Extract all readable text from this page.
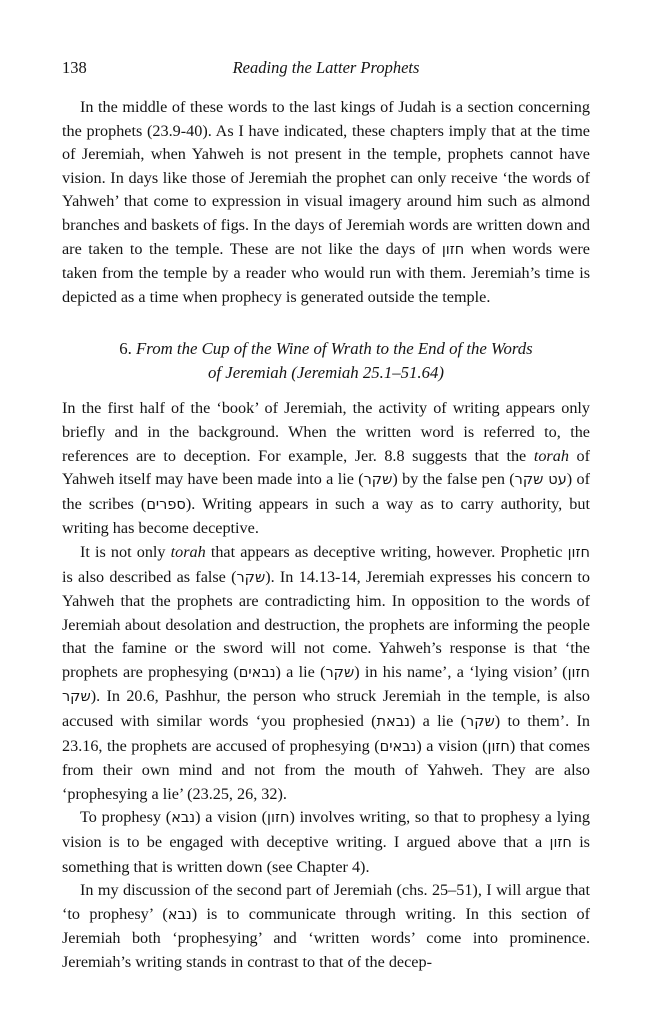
138	Reading the Latter Prophets

In the middle of these words to the last kings of Judah is a section concerning the prophets (23.9-40). As I have indicated, these chapters imply that at the time of Jeremiah, when Yahweh is not present in the temple, prophets cannot have vision. In days like those of Jeremiah the prophet can only receive ‘the words of Yahweh’ that come to expression in visual imagery around him such as almond branches and baskets of figs. In the days of Jeremiah words are written down and are taken to the temple. These are not like the days of חזון when words were taken from the temple by a reader who would run with them. Jeremiah’s time is depicted as a time when prophecy is generated outside the temple.

6. From the Cup of the Wine of Wrath to the End of the Words
of Jeremiah (Jeremiah 25.1–51.64)

In the first half of the ‘book’ of Jeremiah, the activity of writing appears only briefly and in the background. When the written word is referred to, the references are to deception. For example, Jer. 8.8 suggests that the torah of Yahweh itself may have been made into a lie (שקר) by the false pen (עט שקר) of the scribes (ספרים). Writing appears in such a way as to carry authority, but writing has become deceptive.

It is not only torah that appears as deceptive writing, however. Prophetic חזון is also described as false (שקר). In 14.13-14, Jeremiah expresses his concern to Yahweh that the prophets are contradicting him. In opposition to the words of Jeremiah about desolation and destruction, the prophets are informing the people that the famine or the sword will not come. Yahweh’s response is that ‘the prophets are prophesying (נבאים) a lie (שקר) in his name’, a ‘lying vision’ (חזון שקר). In 20.6, Pashhur, the person who struck Jeremiah in the temple, is also accused with similar words ‘you prophesied (נבאת) a lie (שקר) to them’. In 23.16, the prophets are accused of prophesying (נבאים) a vision (חזון) that comes from their own mind and not from the mouth of Yahweh. They are also ‘prophesying a lie’ (23.25, 26, 32).

To prophesy (נבא) a vision (חזון) involves writing, so that to prophesy a lying vision is to be engaged with deceptive writing. I argued above that a חזון is something that is written down (see Chapter 4).

In my discussion of the second part of Jeremiah (chs. 25–51), I will argue that ‘to prophesy’ (נבא) is to communicate through writing. In this section of Jeremiah both ‘prophesying’ and ‘written words’ come into prominence. Jeremiah’s writing stands in contrast to that of the decep-
